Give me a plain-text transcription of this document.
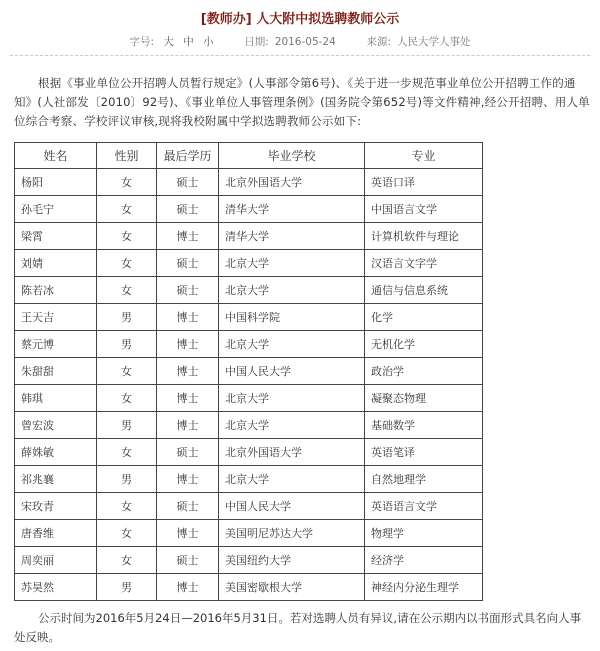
[教师办] 人大附中拟选聘教师公示
字号: 大 中 小	日期: 2016-05-24	来源: 人民大学人事处
根据《事业单位公开招聘人员暂行规定》(人事部令第6号)、《关于进一步规范事业单位公开招聘工作的通知》(人社部发〔2010〕92号)、《事业单位人事管理条例》(国务院令第652号)等文件精神,经公开招聘、用人单位综合考察、学校评议审核,现将我校附属中学拟选聘教师公示如下:
姓名	性别	最后学历	毕业学校	专业
杨阳	女	硕士	北京外国语大学	英语口译
孙毛宁	女	硕士	清华大学	中国语言文学
梁霄	女	博士	清华大学	计算机软件与理论
刘婧	女	硕士	北京大学	汉语言文字学
陈若冰	女	硕士	北京大学	通信与信息系统
王天吉	男	博士	中国科学院	化学
蔡元博	男	博士	北京大学	无机化学
朱甜甜	女	博士	中国人民大学	政治学
韩琪	女	博士	北京大学	凝聚态物理
曾宏波	男	博士	北京大学	基础数学
薛姝敏	女	硕士	北京外国语大学	英语笔译
祁兆襄	男	博士	北京大学	自然地理学
宋玫青	女	硕士	中国人民大学	英语语言文学
唐香维	女	博士	美国明尼苏达大学	物理学
周奕丽	女	硕士	美国纽约大学	经济学
苏昊然	男	博士	美国密歇根大学	神经内分泌生理学
公示时间为2016年5月24日—2016年5月31日。若对选聘人员有异议,请在公示期内以书面形式具名向人事处反映。
